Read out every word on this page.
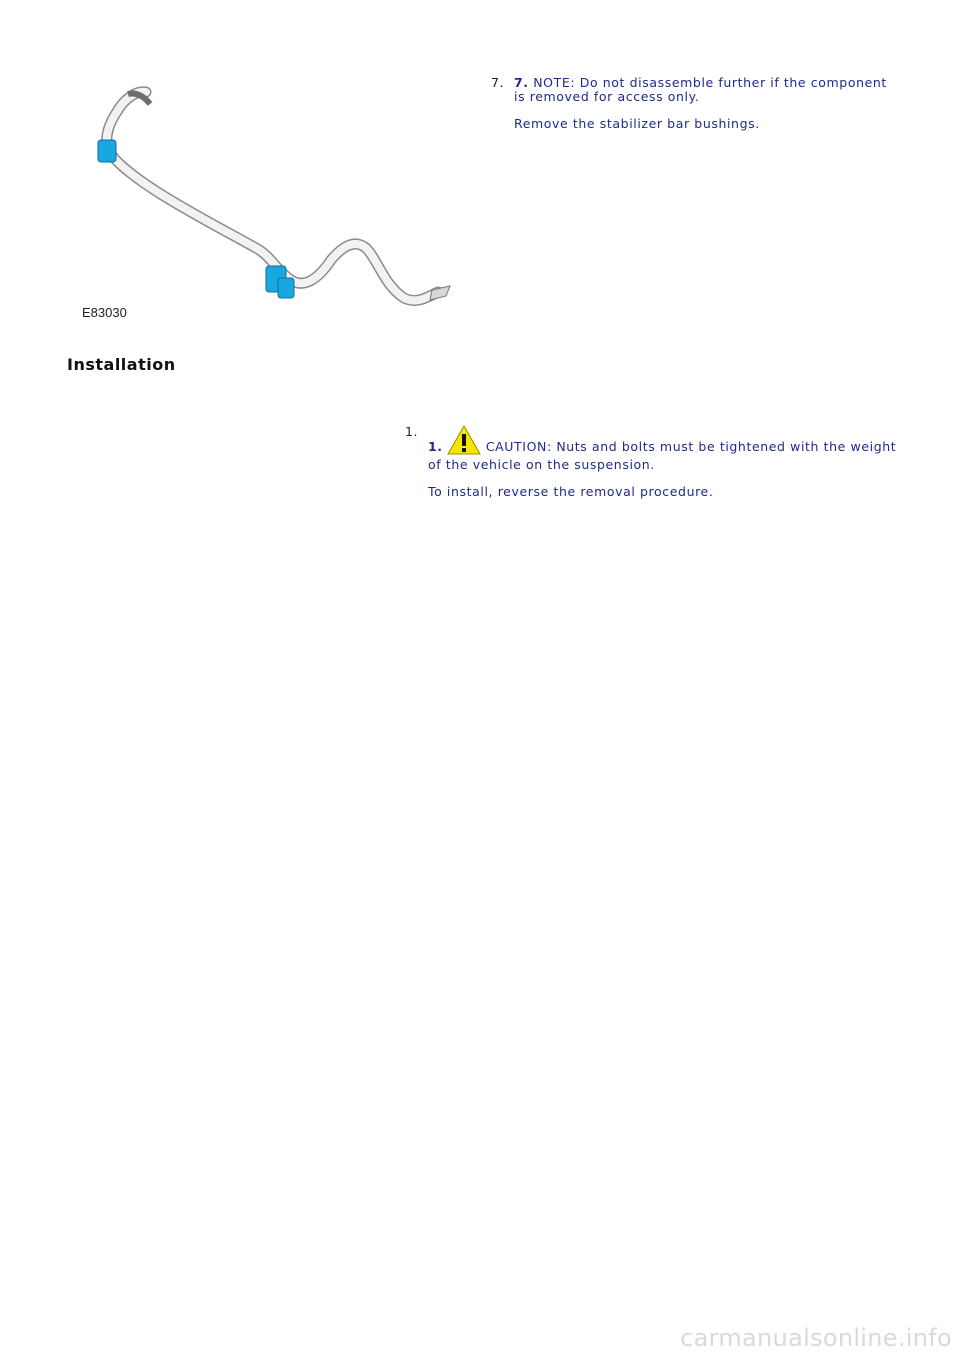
E83030
7. 7. NOTE: Do not disassemble further if the component

is removed for access only.

Remove the stabilizer bar bushings.

Installation
1.

1.	CAUTION: Nuts and bolts must be tightened with the weight

of the vehicle on the suspension.

To install, reverse the removal procedure.

carmanualsonline.info
